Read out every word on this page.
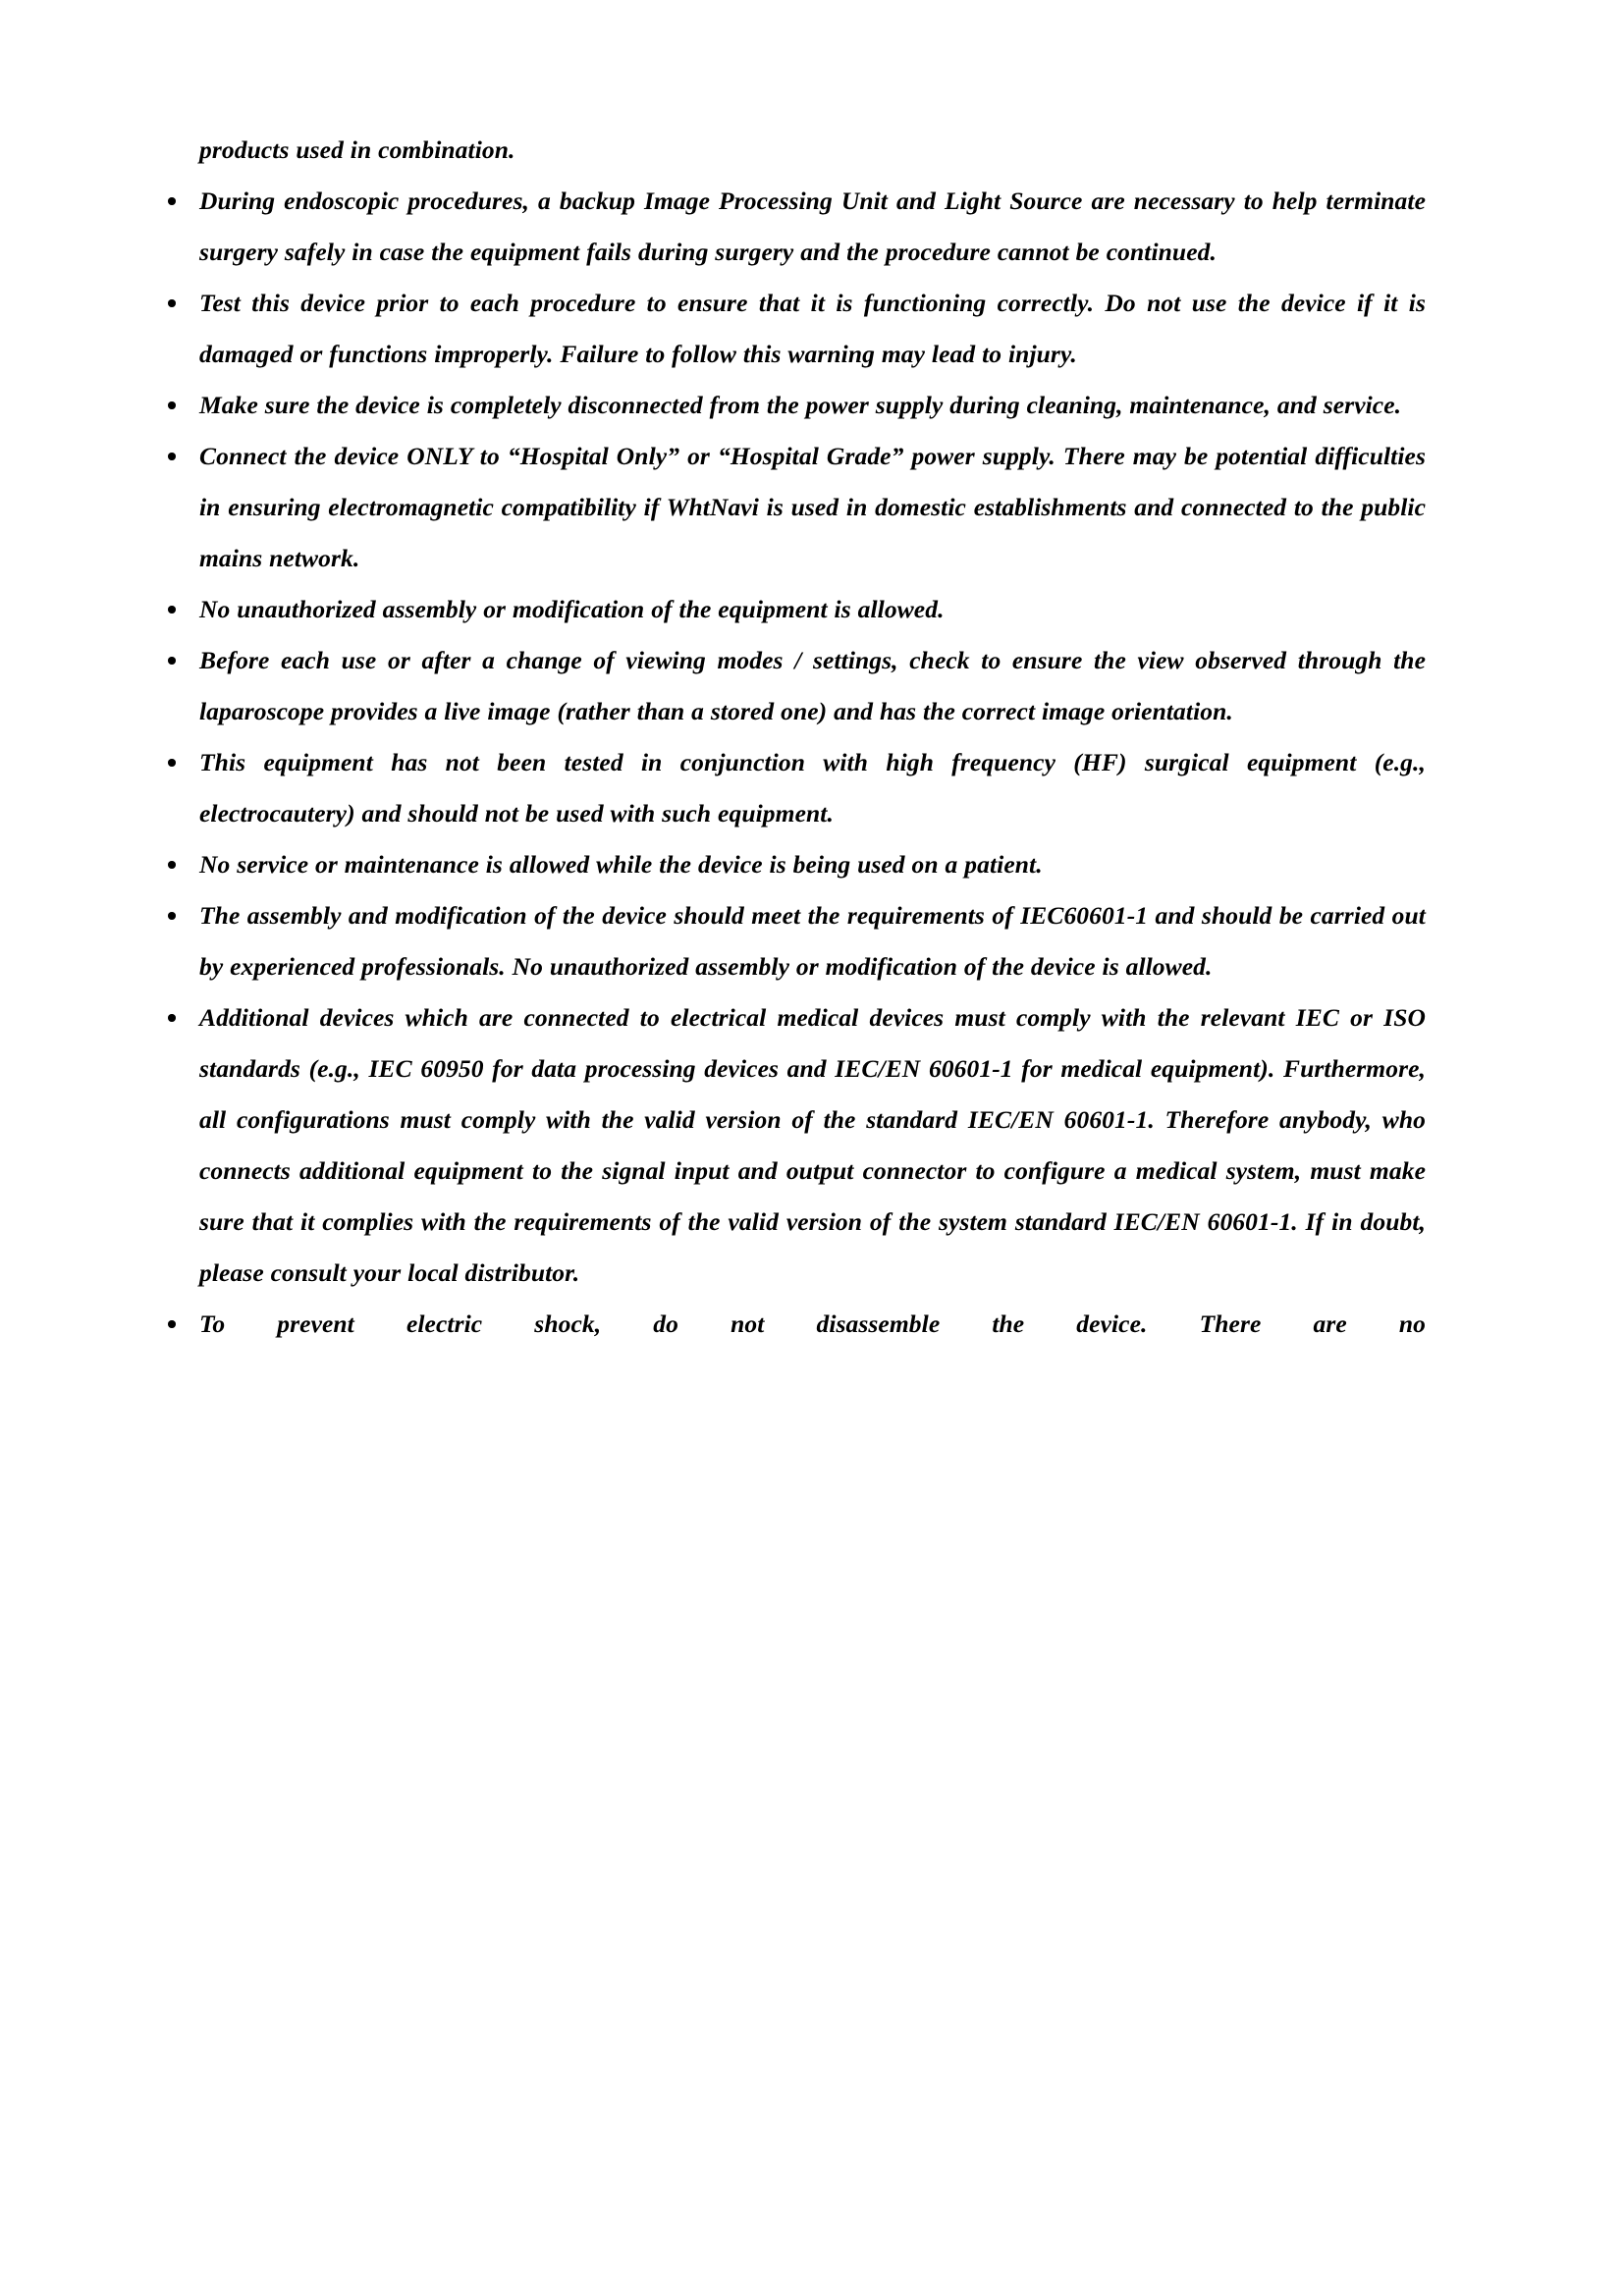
products used in combination.

During endoscopic procedures, a backup Image Processing Unit and Light Source are necessary to help terminate surgery safely in case the equipment fails during surgery and the procedure cannot be continued.

Test this device prior to each procedure to ensure that it is functioning correctly. Do not use the device if it is damaged or functions improperly. Failure to follow this warning may lead to injury.

Make sure the device is completely disconnected from the power supply during cleaning, maintenance, and service.

Connect the device ONLY to “Hospital Only” or “Hospital Grade” power supply. There may be potential difficulties in ensuring electromagnetic compatibility if WhtNavi is used in domestic establishments and connected to the public mains network.

No unauthorized assembly or modification of the equipment is allowed.

Before each use or after a change of viewing modes / settings, check to ensure the view observed through the laparoscope provides a live image (rather than a stored one) and has the correct image orientation.

This equipment has not been tested in conjunction with high frequency (HF) surgical equipment (e.g., electrocautery) and should not be used with such equipment.

No service or maintenance is allowed while the device is being used on a patient.

The assembly and modification of the device should meet the requirements of IEC60601-1 and should be carried out by experienced professionals. No unauthorized assembly or modification of the device is allowed.

Additional devices which are connected to electrical medical devices must comply with the relevant IEC or ISO standards (e.g., IEC 60950 for data processing devices and IEC/EN 60601-1 for medical equipment). Furthermore, all configurations must comply with the valid version of the standard IEC/EN 60601-1. Therefore anybody, who connects additional equipment to the signal input and output connector to configure a medical system, must make sure that it complies with the requirements of the valid version of the system standard IEC/EN 60601-1. If in doubt, please consult your local distributor.

To prevent electric shock, do not disassemble the device. There are no
